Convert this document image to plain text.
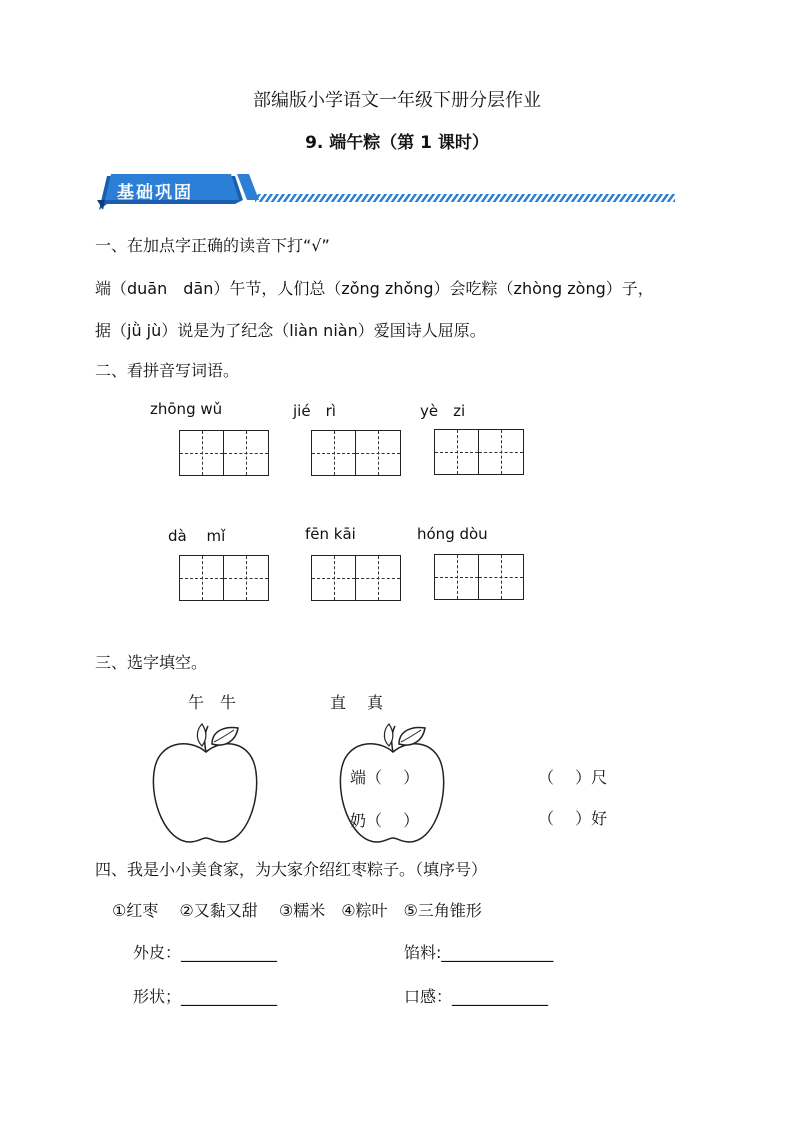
部编版小学语文一年级下册分层作业
9. 端午粽（第 1 课时）
基础巩固
一、在加点字正确的读音下打“√”
端（duān　dān）午节，人们总（zǒng zhǒng）会吃粽（zhòng zòng）子，
据（jǜ jù）说是为了纪念（liàn niàn）爱国诗人屈原。
二、看拼音写词语。
zhōng wǔ	jié　rì	yè　zi
dà　 mǐ	fēn kāi	hóng dòu
三、选字填空。
午　牛	直　 真
端（　 ）
奶（　 ）
（　 ）尺
（　 ）好
四、我是小小美食家，为大家介绍红枣粽子。（填序号）
①红枣　 ②又黏又甜　 ③糯米　④粽叶　⑤三角锥形
外皮：____________	馅料:______________
形状；____________	口感：____________
